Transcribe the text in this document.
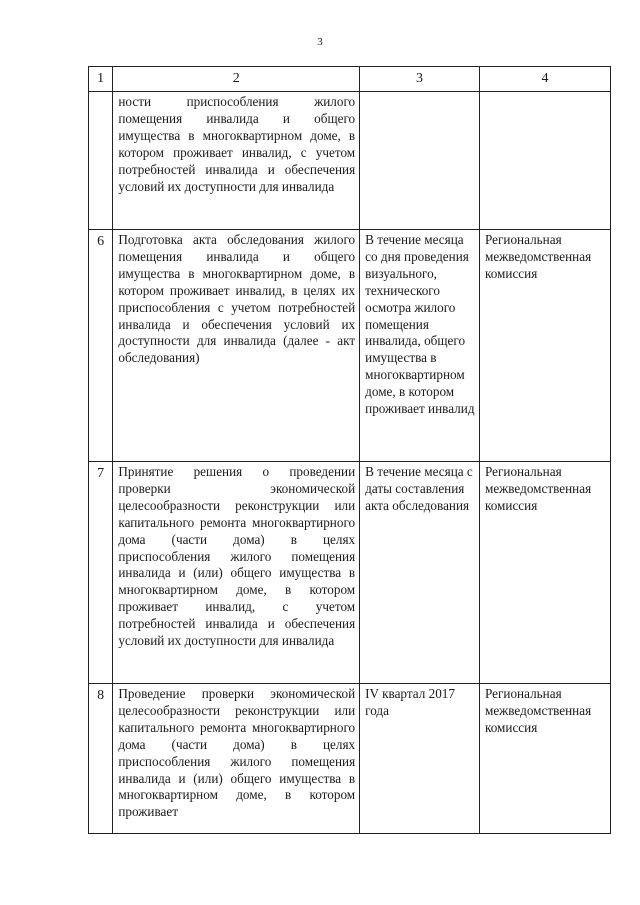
3
1	2	3	4

	ности приспособления жилого помещения инвалида и общего имущества в многоквартирном доме, в котором проживает инвалид, с учетом потребностей инвалида и обеспечения условий их доступности для инвалида		

6	Подготовка акта обследования жилого помещения инвалида и общего имущества в многоквартирном доме, в котором проживает инвалид, в целях их приспособления с учетом потребностей инвалида и обеспечения условий их доступности для инвалида (далее - акт обследования)	В течение месяца со дня проведения визуального, технического осмотра жилого помещения инвалида, общего имущества в многоквартирном доме, в котором проживает инвалид	Региональная межведомственная комиссия

7	Принятие решения о проведении проверки экономической целесообразности реконструкции или капитального ремонта многоквартирного дома (части дома) в целях приспособления жилого помещения инвалида и (или) общего имущества в многоквартирном доме, в котором проживает инвалид, с учетом потребностей инвалида и обеспечения условий их доступности для инвалида	В течение месяца с даты составления акта обследования	Региональная межведомственная комиссия

8	Проведение проверки экономической целесообразности реконструкции или капитального ремонта многоквартирного дома (части дома) в целях приспособления жилого помещения инвалида и (или) общего имущества в многоквартирном доме, в котором проживает	IV квартал 2017 года	Региональная межведомственная комиссия
